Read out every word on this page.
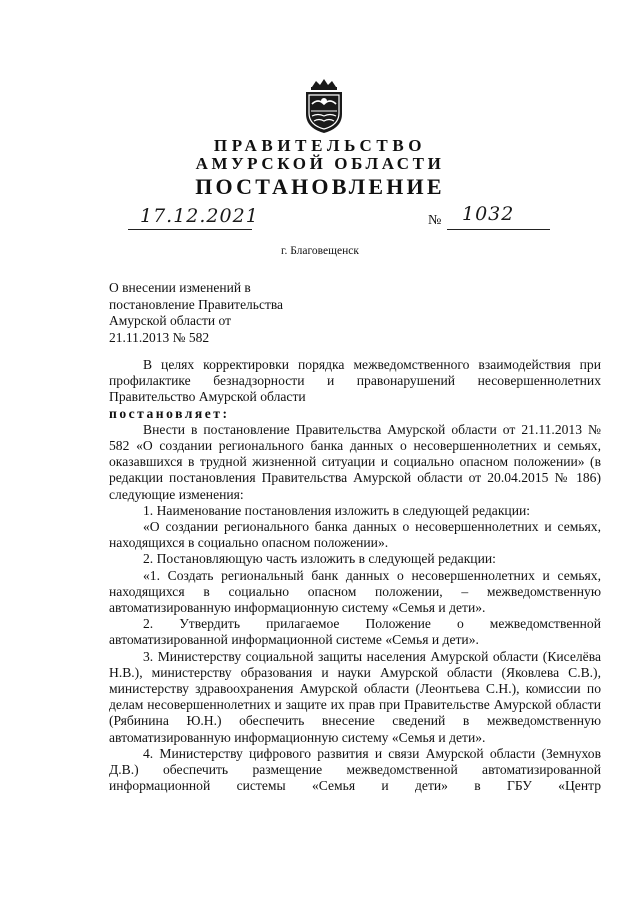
ПРАВИТЕЛЬСТВО
АМУРСКОЙ ОБЛАСТИ
ПОСТАНОВЛЕНИЕ
17.12.2021	№ 1032
г. Благовещенск
О внесении изменений в
постановление Правительства
Амурской области от
21.11.2013 № 582

В целях корректировки порядка межведомственного взаимодействия при профилактике безнадзорности и правонарушений несовершеннолетних Правительство Амурской области

постановляет:

Внести в постановление Правительства Амурской области от 21.11.2013 № 582 «О создании регионального банка данных о несовершеннолетних и семьях, оказавшихся в трудной жизненной ситуации и социально опасном положении» (в редакции постановления Правительства Амурской области от 20.04.2015 № 186) следующие изменения:

1. Наименование постановления изложить в следующей редакции:

«О создании регионального банка данных о несовершеннолетних и семьях, находящихся в социально опасном положении».

2. Постановляющую часть изложить в следующей редакции:

«1. Создать региональный банк данных о несовершеннолетних и семьях, находящихся в социально опасном положении, – межведомственную автоматизированную информационную систему «Семья и дети».

2. Утвердить прилагаемое Положение о межведомственной автоматизированной информационной системе «Семья и дети».

3. Министерству социальной защиты населения Амурской области (Киселёва Н.В.), министерству образования и науки Амурской области (Яковлева С.В.), министерству здравоохранения Амурской области (Леонтьева С.Н.), комиссии по делам несовершеннолетних и защите их прав при Правительстве Амурской области (Рябинина Ю.Н.) обеспечить внесение сведений в межведомственную автоматизированную информационную систему «Семья и дети».

4. Министерству цифрового развития и связи Амурской области (Земнухов Д.В.) обеспечить размещение межведомственной автоматизированной информационной системы «Семья и дети» в ГБУ «Центр
